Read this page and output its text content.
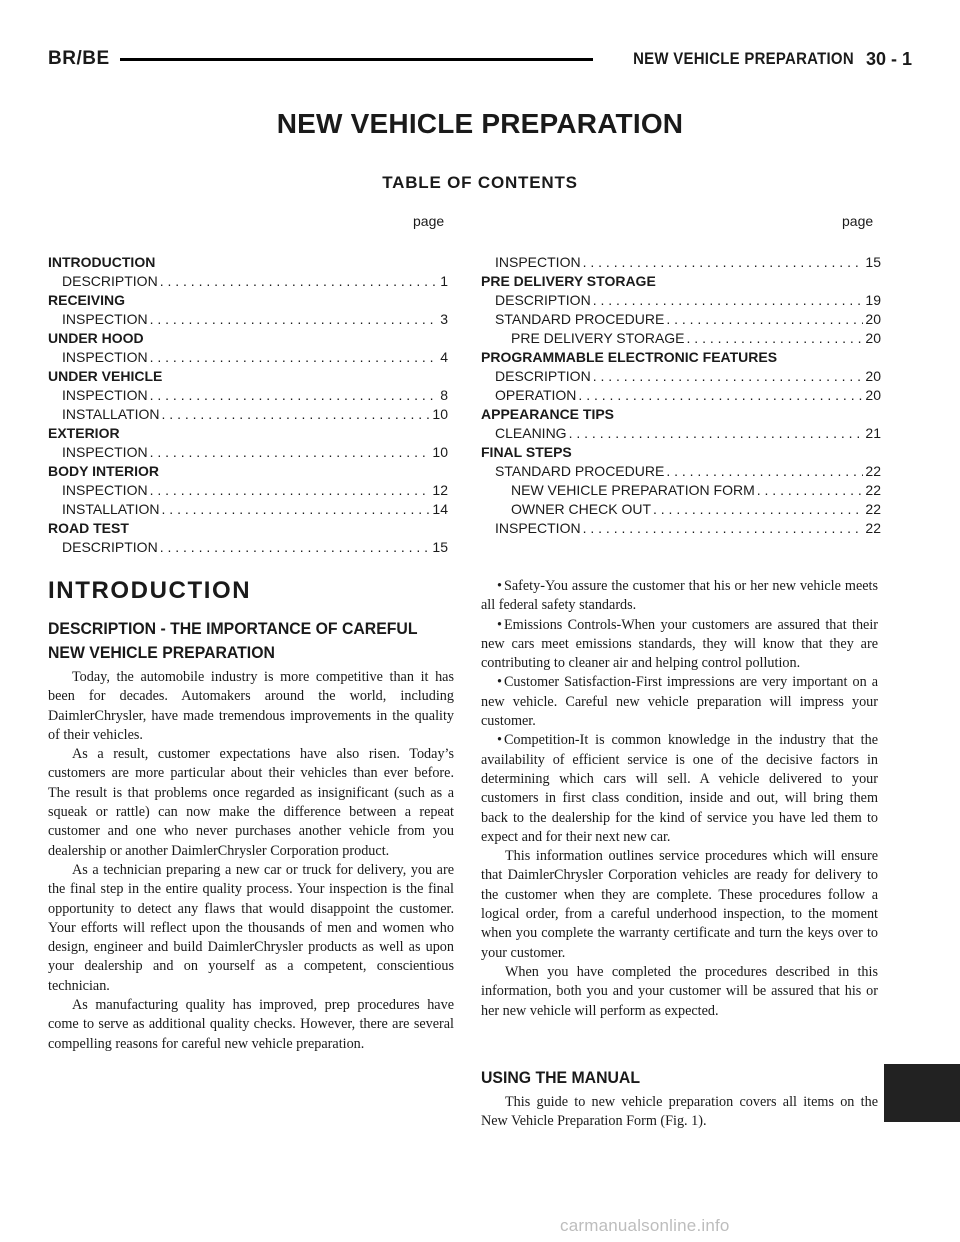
BR/BE	NEW VEHICLE PREPARATION 30 - 1
NEW VEHICLE PREPARATION
TABLE OF CONTENTS
page	page
INTRODUCTION
DESCRIPTION . . .	1
RECEIVING
INSPECTION . . .	3
UNDER HOOD
INSPECTION . . .	4
UNDER VEHICLE
INSPECTION . . .	8
INSTALLATION . . .	10
EXTERIOR
INSPECTION . . .	10
BODY INTERIOR
INSPECTION . . .	12
INSTALLATION . . .	14
ROAD TEST
DESCRIPTION . . .	15
INSPECTION . . .	15
PRE DELIVERY STORAGE
DESCRIPTION . . .	19
STANDARD PROCEDURE . . .	20
PRE DELIVERY STORAGE . . .	20
PROGRAMMABLE ELECTRONIC FEATURES
DESCRIPTION . . .	20
OPERATION . . .	20
APPEARANCE TIPS
CLEANING . . .	21
FINAL STEPS
STANDARD PROCEDURE . . .	22
NEW VEHICLE PREPARATION FORM . . .	22
OWNER CHECK OUT . . .	22
INSPECTION . . .	22
INTRODUCTION
DESCRIPTION - THE IMPORTANCE OF CAREFUL NEW VEHICLE PREPARATION

Today, the automobile industry is more competitive than it has been for decades. Automakers around the world, including DaimlerChrysler, have made tremendous improvements in the quality of their vehicles.

As a result, customer expectations have also risen. Today’s customers are more particular about their vehicles than ever before. The result is that problems once regarded as insignificant (such as a squeak or rattle) can now make the difference between a repeat customer and one who never purchases another vehicle from you dealership or another DaimlerChrysler Corporation product.

As a technician preparing a new car or truck for delivery, you are the final step in the entire quality process. Your inspection is the final opportunity to detect any flaws that would disappoint the customer. Your efforts will reflect upon the thousands of men and women who design, engineer and build DaimlerChrysler products as well as upon your dealership and on yourself as a competent, conscientious technician.

As manufacturing quality has improved, prep procedures have come to serve as additional quality checks. However, there are several compelling reasons for careful new vehicle preparation.

• Safety-You assure the customer that his or her new vehicle meets all federal safety standards.

• Emissions Controls-When your customers are assured that their new cars meet emissions standards, they will know that they are contributing to cleaner air and helping control pollution.

• Customer Satisfaction-First impressions are very important on a new vehicle. Careful new vehicle preparation will impress your customer.

• Competition-It is common knowledge in the industry that the availability of efficient service is one of the decisive factors in determining which cars will sell. A vehicle delivered to your customers in first class condition, inside and out, will bring them back to the dealership for the kind of service you have led them to expect and for their next new car.

This information outlines service procedures which will ensure that DaimlerChrysler Corporation vehicles are ready for delivery to the customer when they are complete. These procedures follow a logical order, from a careful underhood inspection, to the moment when you complete the warranty certificate and turn the keys over to your customer.

When you have completed the procedures described in this information, both you and your customer will be assured that his or her new vehicle will perform as expected.

USING THE MANUAL

This guide to new vehicle preparation covers all items on the New Vehicle Preparation Form (Fig. 1).

carmanualsonline.info
